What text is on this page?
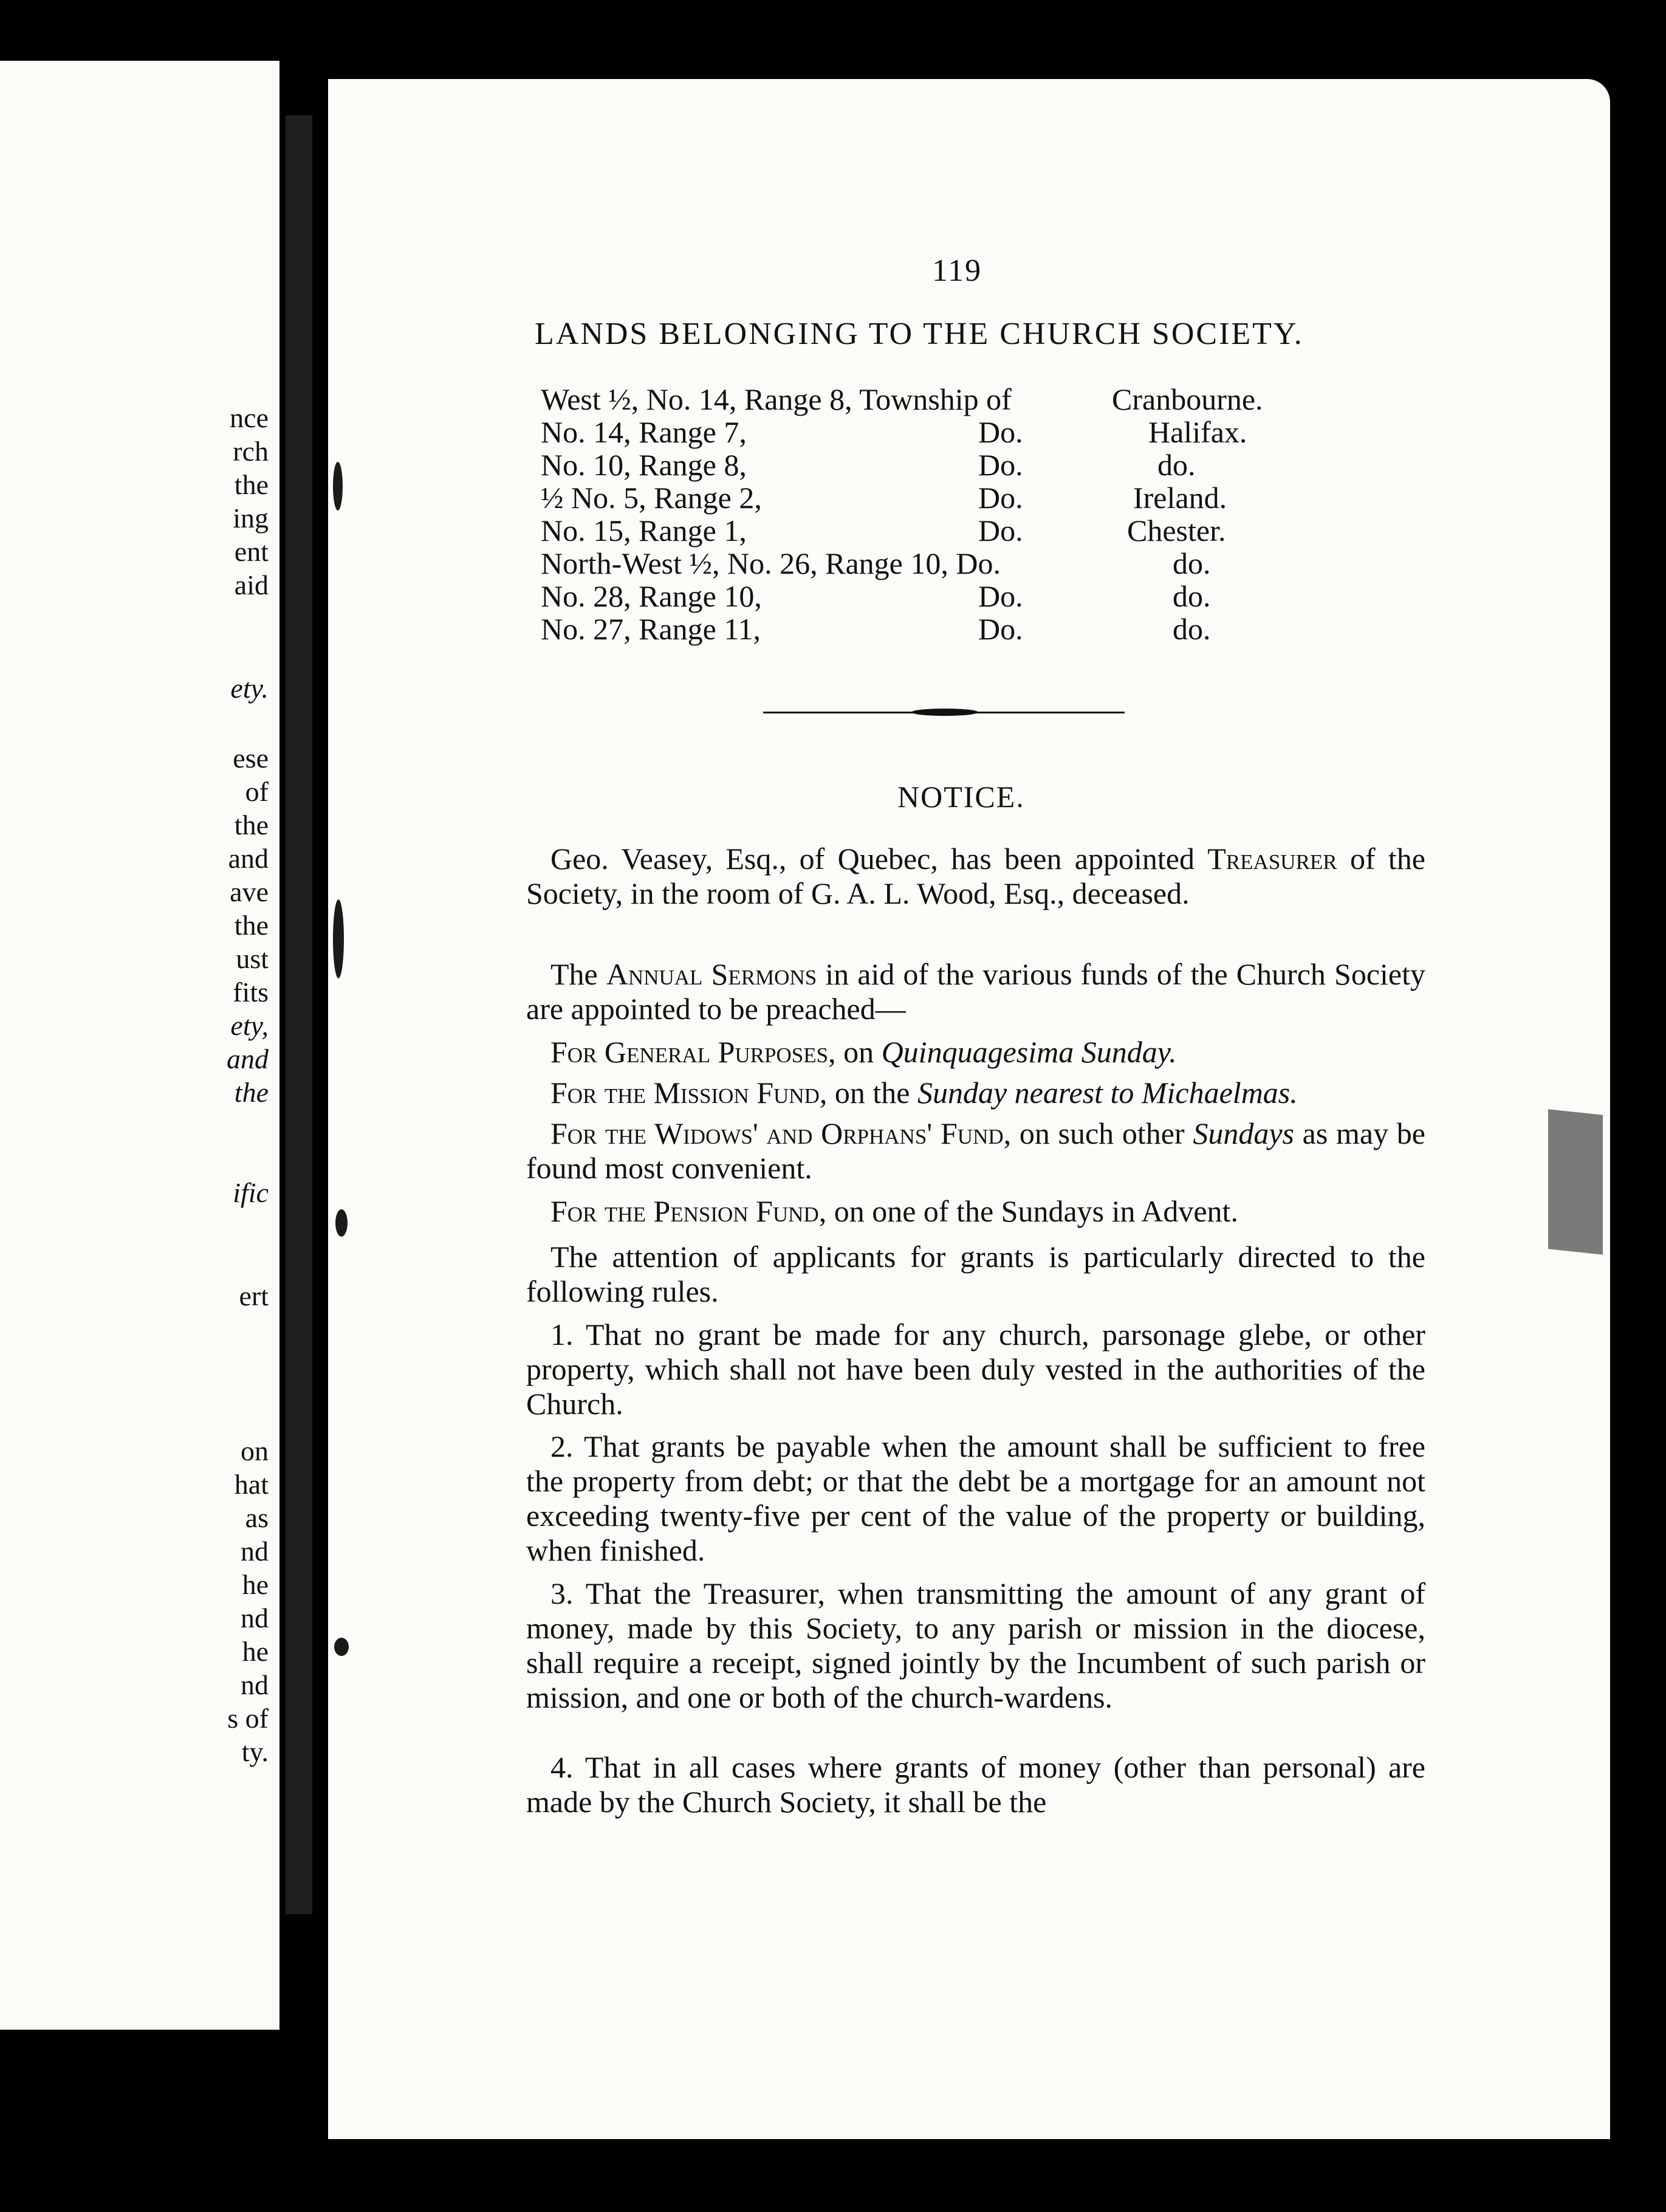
nce
rch
the
ing
ent
aid
ety.
ese
of
the
and
ave
the
ust
fits
ety,
and
the
ific
ert
on
hat
as
nd
he
nd
he
nd
s of
ty.
119
LANDS BELONGING TO THE CHURCH SOCIETY.
West ½, No. 14, Range 8, Township of	Cranbourne.
No. 14, Range 7,	Do.	Halifax.
No. 10, Range 8,	Do.	do.
½ No. 5, Range 2,	Do.	Ireland.
No. 15, Range 1,	Do.	Chester.
North-West ½, No. 26, Range 10, Do.	do.
No. 28, Range 10,	Do.	do.
No. 27, Range 11,	Do.	do.
NOTICE.

Geo. Veasey, Esq., of Quebec, has been appointed Treasurer of the Society, in the room of G. A. L. Wood, Esq., deceased.

The Annual Sermons in aid of the various funds of the Church Society are appointed to be preached—

For General Purposes, on Quinquagesima Sunday.

For the Mission Fund, on the Sunday nearest to Michaelmas.

For the Widows' and Orphans' Fund, on such other Sundays as may be found most convenient.

For the Pension Fund, on one of the Sundays in Advent.

The attention of applicants for grants is particularly directed to the following rules.

1. That no grant be made for any church, parsonage glebe, or other property, which shall not have been duly vested in the authorities of the Church.

2. That grants be payable when the amount shall be sufficient to free the property from debt; or that the debt be a mortgage for an amount not exceeding twenty-five per cent of the value of the property or building, when finished.

3. That the Treasurer, when transmitting the amount of any grant of money, made by this Society, to any parish or mission in the diocese, shall require a receipt, signed jointly by the Incumbent of such parish or mission, and one or both of the church-wardens.

4. That in all cases where grants of money (other than personal) are made by the Church Society, it shall be the
